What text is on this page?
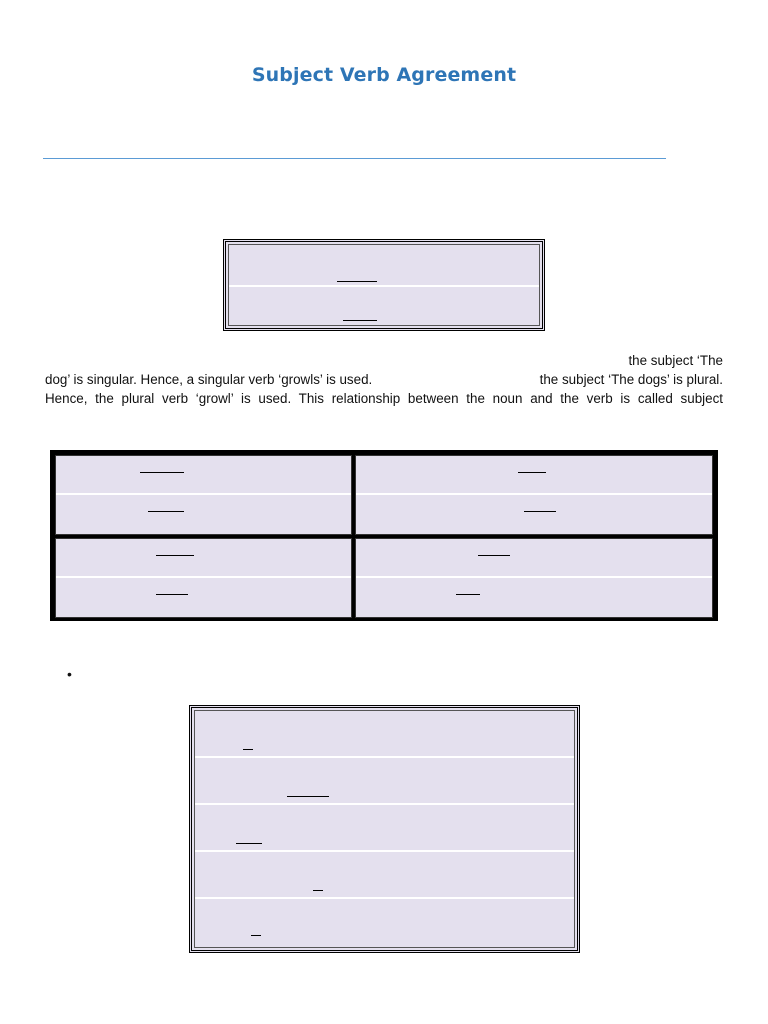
Subject Verb Agreement
the subject ‘The
dog’ is singular. Hence, a singular verb ‘growls’ is used.	the subject ‘The dogs’ is plural.
Hence, the plural verb ‘growl’ is used. This relationship between the noun and the verb is called subject
•
